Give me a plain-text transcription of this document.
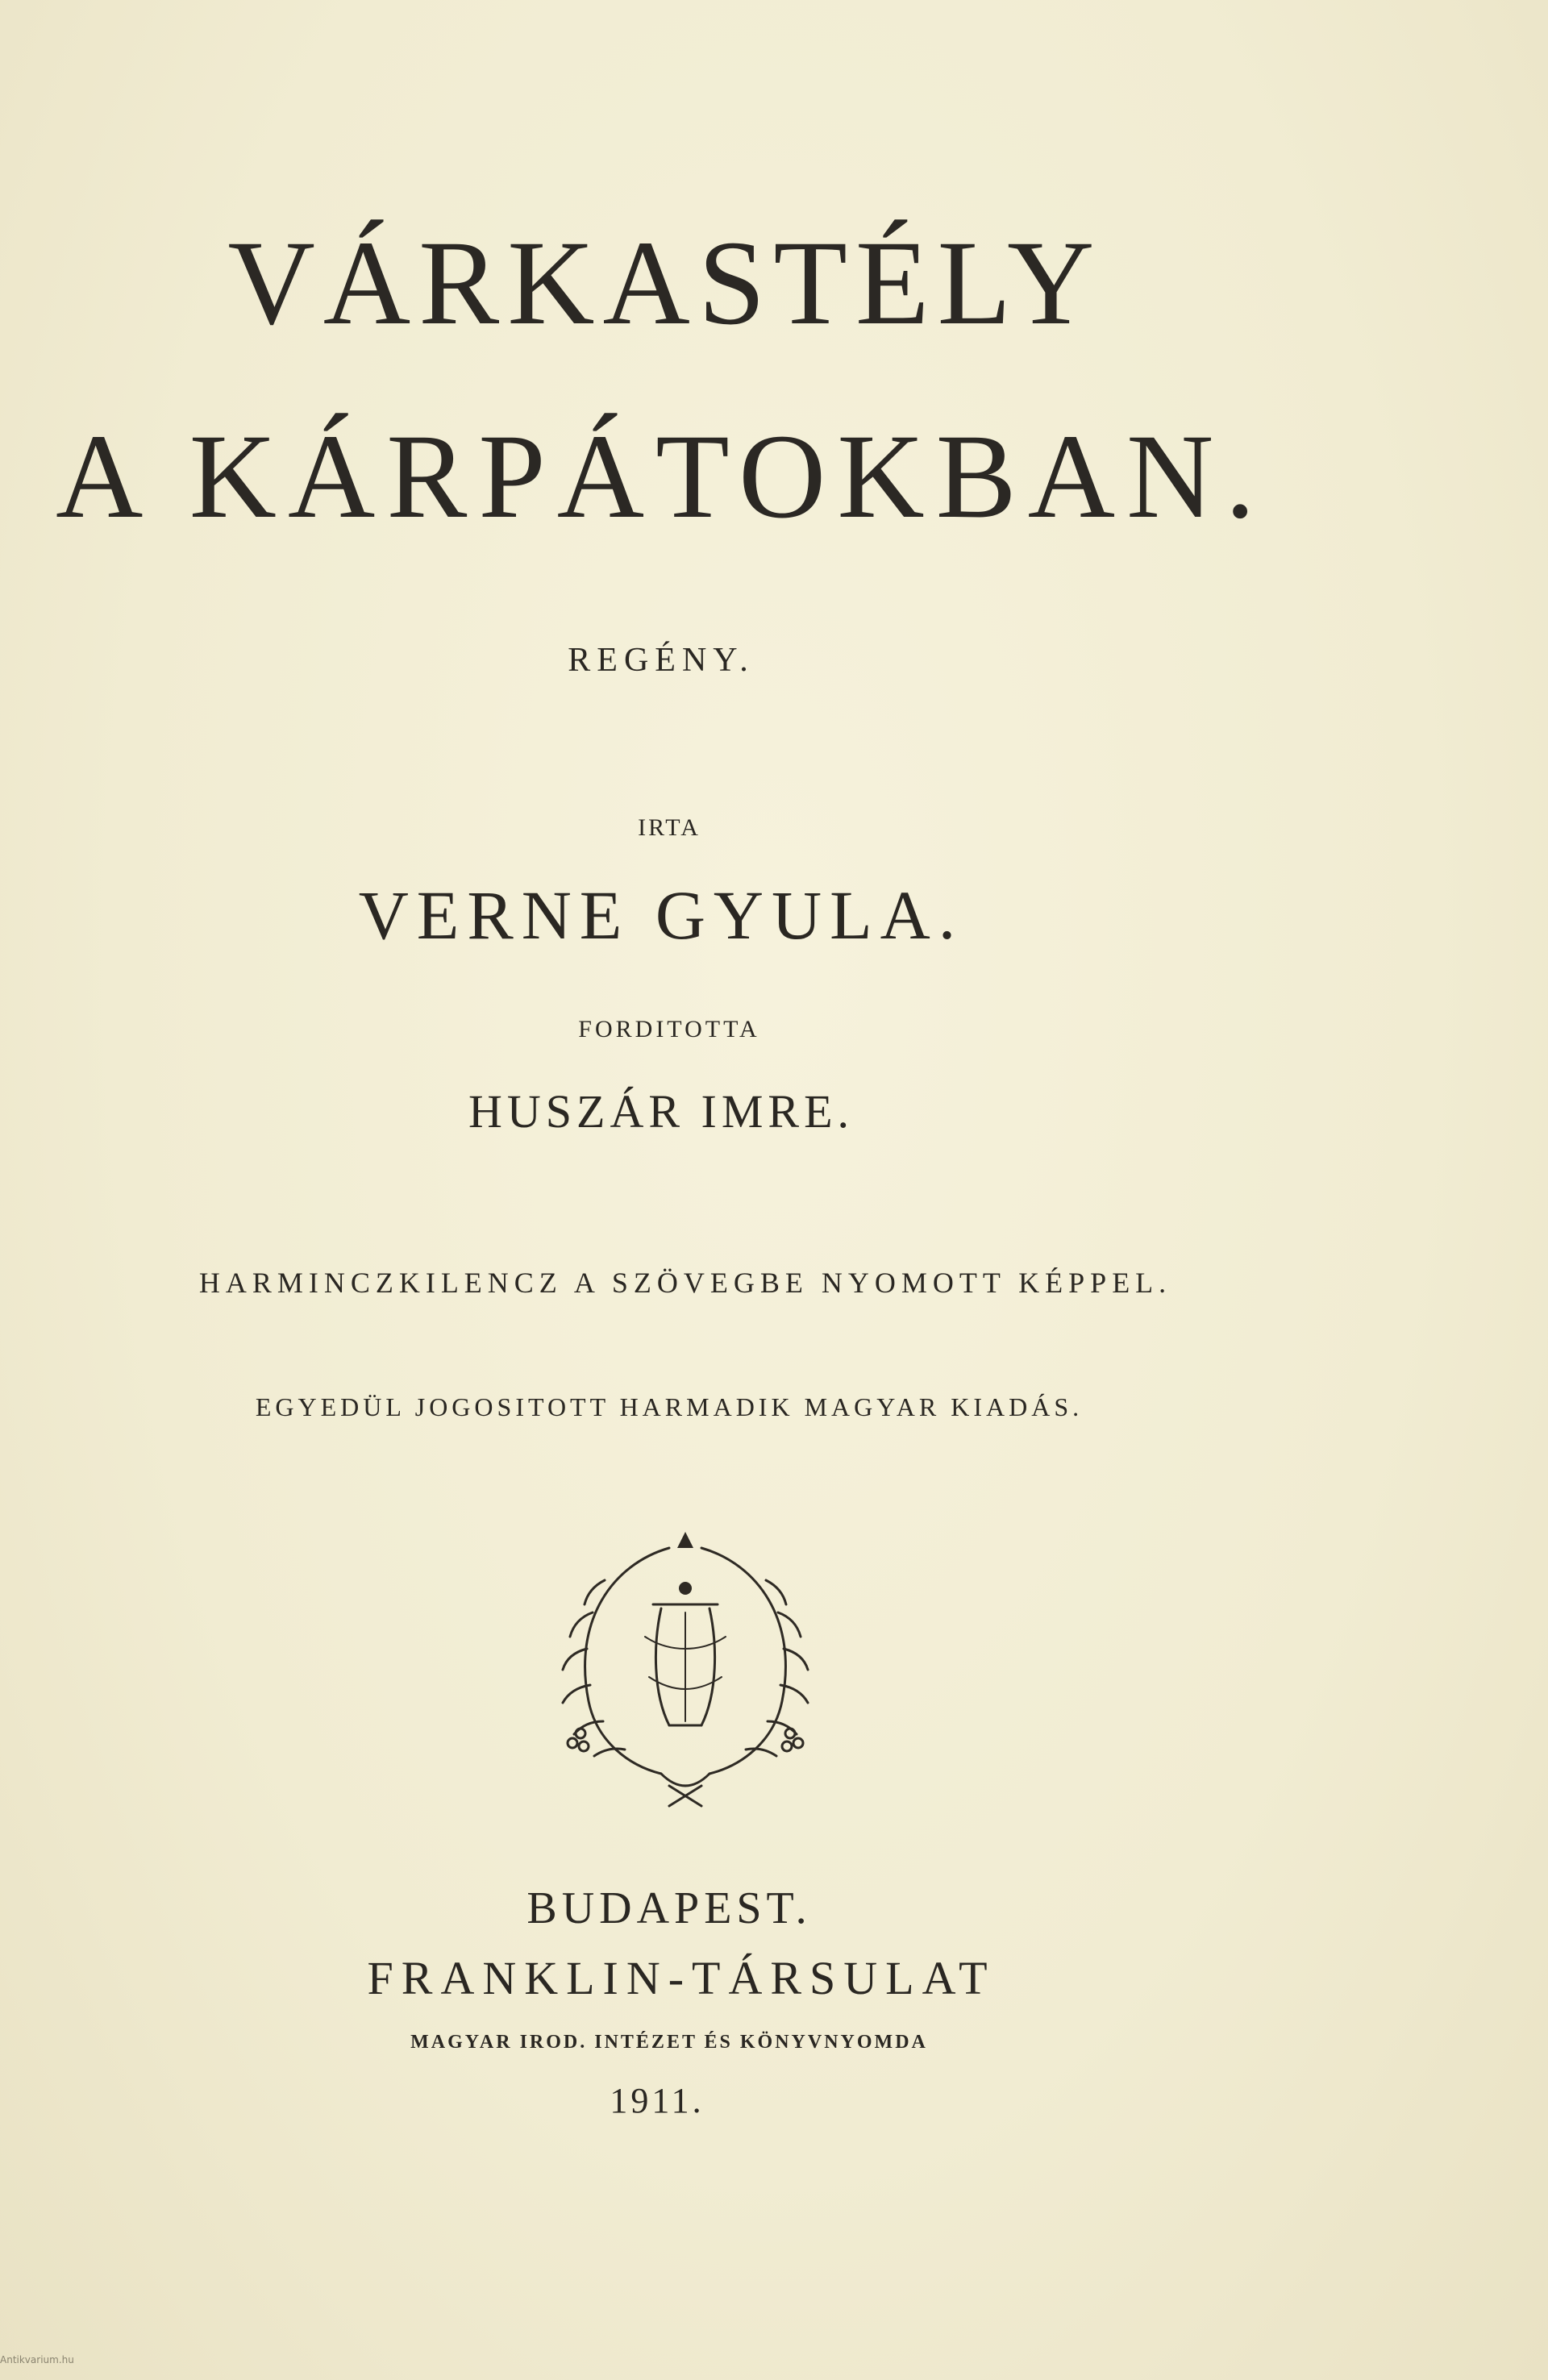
VÁRKASTÉLY
A KÁRPÁTOKBAN.
REGÉNY.
IRTA
VERNE GYULA.
FORDITOTTA
HUSZÁR IMRE.
HARMINCZKILENCZ A SZÖVEGBE NYOMOTT KÉPPEL.
EGYEDÜL JOGOSITOTT HARMADIK MAGYAR KIADÁS.
BUDAPEST.
FRANKLIN-TÁRSULAT
MAGYAR IROD. INTÉZET ÉS KÖNYVNYOMDA
1911.
Antikvarium.hu
